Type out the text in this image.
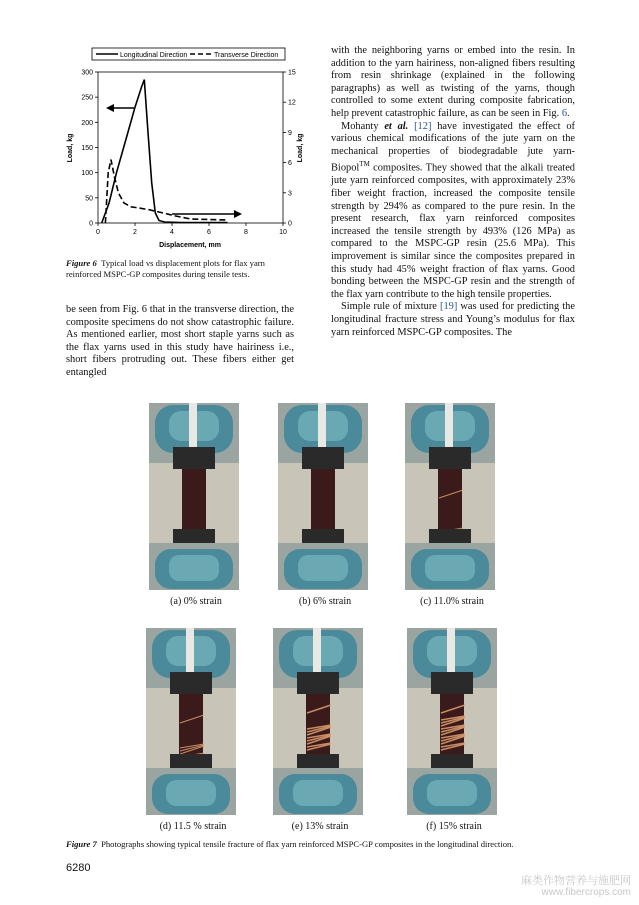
Longitudinal Direction	Transverse Direction
0	2	4	6	8	10
0
50
100
150
200
250
300
0
3
6
9
12
15
Displacement, mm
Load, kg	Load, kg
Figure 6 Typical load vs displacement plots for flax yarn reinforced MSPC-GP composites during tensile tests.

be seen from Fig. 6 that in the transverse direction, the composite specimens do not show catastrophic failure. As mentioned earlier, most short staple yarns such as the flax yarns used in this study have hairiness i.e., short fibers protruding out. These fibers either get entangled

with the neighboring yarns or embed into the resin. In addition to the yarn hairiness, non-aligned fibers resulting from resin shrinkage (explained in the following paragraphs) as well as twisting of the yarns, though controlled to some extent during composite fabrication, help prevent catastrophic failure, as can be seen in Fig. 6.

Mohanty et al. [12] have investigated the effect of various chemical modifications of the jute yarn on the mechanical properties of biodegradable jute yarn-Biopol™ composites. They showed that the alkali treated jute yarn reinforced composites, with approximately 23% fiber weight fraction, increased the composite tensile strength by 294% as compared to the pure resin. In the present research, flax yarn reinforced composites increased the tensile strength by 493% (126 MPa) as compared to the MSPC-GP resin (25.6 MPa). This improvement is similar since the composites prepared in this study had 45% weight fraction of flax yarns. Good bonding between the MSPC-GP resin and the strength of the flax yarn contribute to the high tensile properties.

Simple rule of mixture [19] was used for predicting the longitudinal fracture stress and Young’s modulus for flax yarn reinforced MSPC-GP composites. The

(a) 0% strain	(b) 6% strain	(c) 11.0% strain
(d) 11.5 % strain	(e) 13% strain	(f) 15% strain
Figure 7 Photographs showing typical tensile fracture of flax yarn reinforced MSPC-GP composites in the longitudinal direction.
6280
麻类作物营养与施肥网
www.fibercrops.com
